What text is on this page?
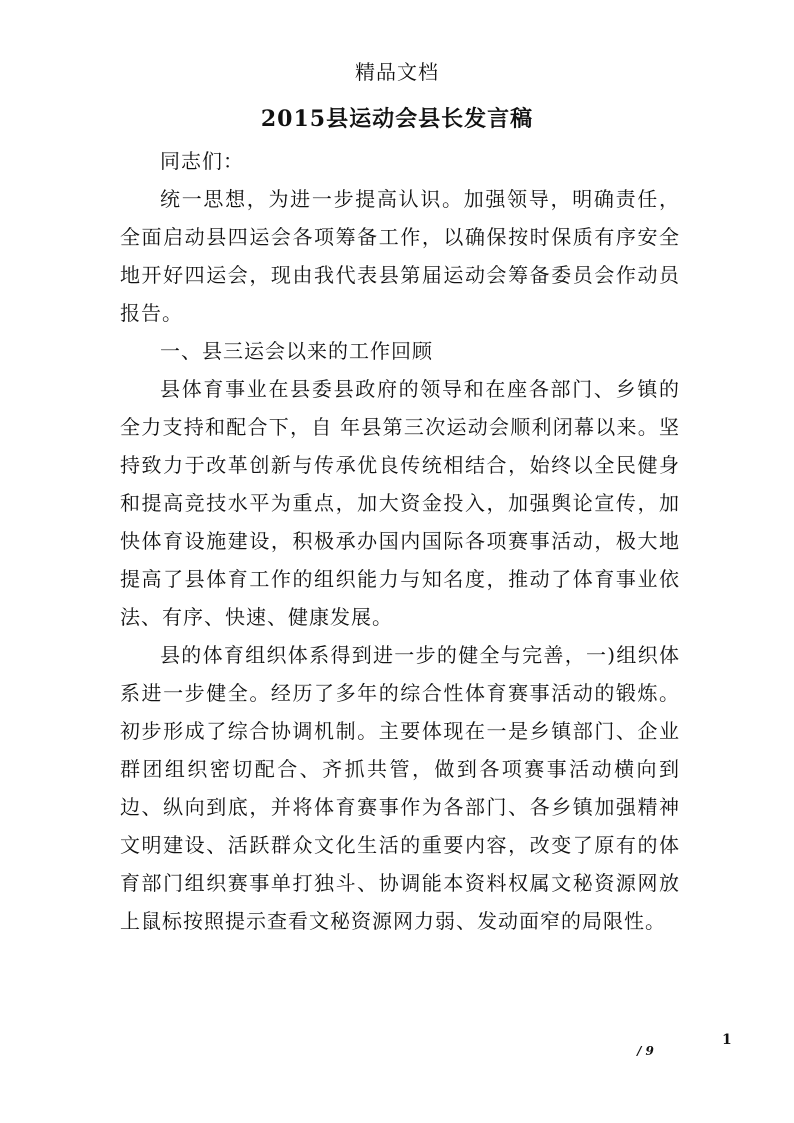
精品文档
2015县运动会县长发言稿

同志们：

统一思想，为进一步提高认识。加强领导，明确责任，全面启动县四运会各项筹备工作，以确保按时保质有序安全地开好四运会，现由我代表县第届运动会筹备委员会作动员报告。

一、县三运会以来的工作回顾

县体育事业在县委县政府的领导和在座各部门、乡镇的全力支持和配合下，自 年县第三次运动会顺利闭幕以来。坚持致力于改革创新与传承优良传统相结合，始终以全民健身和提高竞技水平为重点，加大资金投入，加强舆论宣传，加快体育设施建设，积极承办国内国际各项赛事活动，极大地提高了县体育工作的组织能力与知名度，推动了体育事业依法、有序、快速、健康发展。

县的体育组织体系得到进一步的健全与完善，一)组织体系进一步健全。经历了多年的综合性体育赛事活动的锻炼。初步形成了综合协调机制。主要体现在一是乡镇部门、企业群团组织密切配合、齐抓共管，做到各项赛事活动横向到边、纵向到底，并将体育赛事作为各部门、各乡镇加强精神文明建设、活跃群众文化生活的重要内容，改变了原有的体育部门组织赛事单打独斗、协调能本资料权属文秘资源网放上鼠标按照提示查看文秘资源网力弱、发动面窄的局限性。

1
/ 9
